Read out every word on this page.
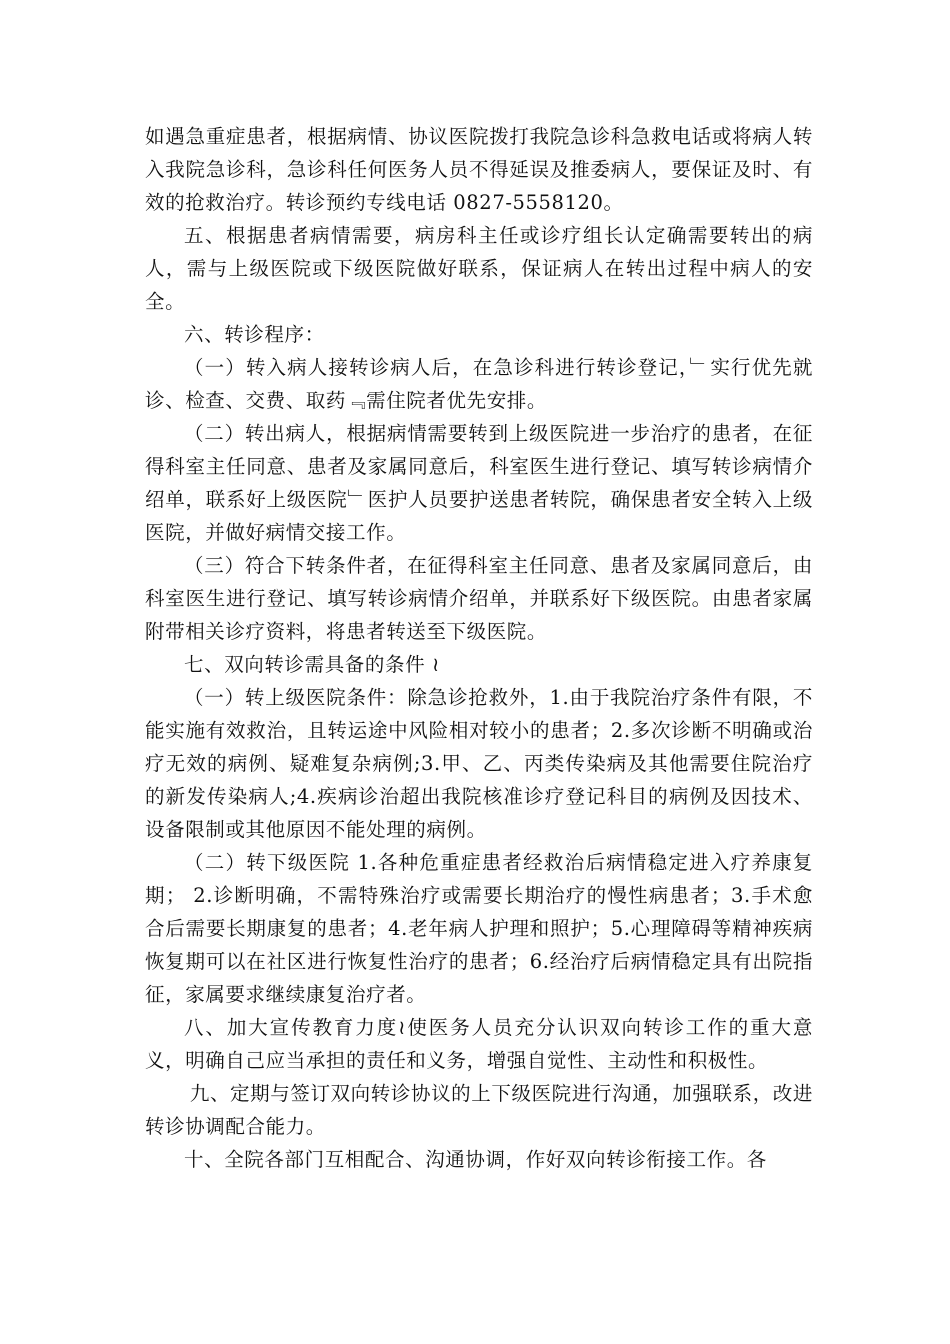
如遇急重症患者，根据病情、协议医院拨打我院急诊科急救电话或将病人转入我院急诊科，急诊科任何医务人员不得延误及推委病人，要保证及时、有效的抢救治疗。转诊预约专线电话 0827-5558120。

五、根据患者病情需要，病房科主任或诊疗组长认定确需要转出的病人，需与上级医院或下级医院做好联系，保证病人在转出过程中病人的安全。

六、转诊程序：

（一）转入病人接转诊病人后，在急诊科进行转诊登记，﹂实行优先就诊、检查、交费、取药﹃需住院者优先安排。

（二）转出病人，根据病情需要转到上级医院进一步治疗的患者，在征得科室主任同意、患者及家属同意后，科室医生进行登记、填写转诊病情介绍单，联系好上级医院﹂医护人员要护送患者转院，确保患者安全转入上级医院，并做好病情交接工作。

（三）符合下转条件者，在征得科室主任同意、患者及家属同意后，由科室医生进行登记、填写转诊病情介绍单，并联系好下级医院。由患者家属附带相关诊疗资料，将患者转送至下级医院。

七、双向转诊需具备的条件 ≀

（一）转上级医院条件：除急诊抢救外，1.由于我院治疗条件有限，不能实施有效救治，且转运途中风险相对较小的患者；2.多次诊断不明确或治疗无效的病例、疑难复杂病例;3.甲、乙、丙类传染病及其他需要住院治疗的新发传染病人;4.疾病诊治超出我院核准诊疗登记科目的病例及因技术、设备限制或其他原因不能处理的病例。

（二）转下级医院 1.各种危重症患者经救治后病情稳定进入疗养康复期； 2.诊断明确，不需特殊治疗或需要长期治疗的慢性病患者；3.手术愈合后需要长期康复的患者；4.老年病人护理和照护；5.心理障碍等精神疾病恢复期可以在社区进行恢复性治疗的患者；6.经治疗后病情稳定具有出院指征，家属要求继续康复治疗者。

八、加大宣传教育力度≀使医务人员充分认识双向转诊工作的重大意义，明确自己应当承担的责任和义务，增强自觉性、主动性和积极性。

九、定期与签订双向转诊协议的上下级医院进行沟通，加强联系，改进转诊协调配合能力。

十、全院各部门互相配合、沟通协调，作好双向转诊衔接工作。各
